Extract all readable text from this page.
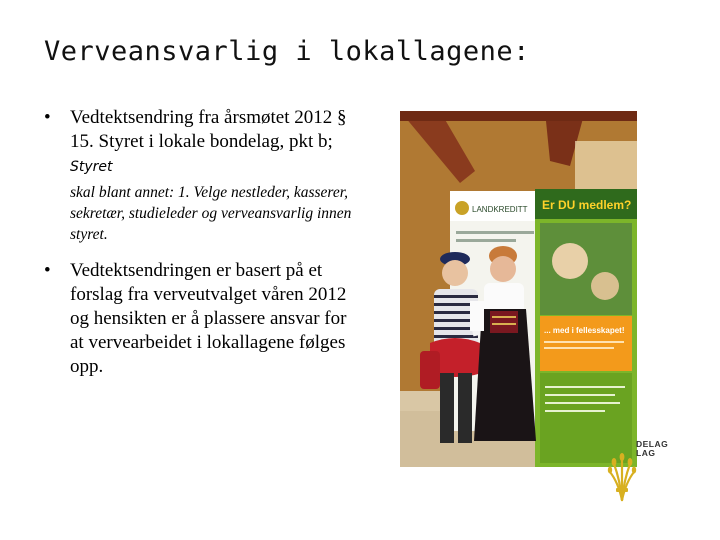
Verveansvarlig i lokallagene:
• Vedtektsendring fra årsmøtet 2012 § 15. Styret i lokale bondelag, pkt b; Styret
skal blant annet: 1. Velge nestleder, kasserer, sekretær, studieleder og verveansvarlig innen styret.
• Vedtektsendringen er basert på et forslag fra verveutvalget våren 2012 og hensikten er å plassere ansvar for at vervearbeidet i lokallagene følges opp.
LANDKREDITT Er DU medlem?
... med i fellesskapet!
DELAG
LAG
